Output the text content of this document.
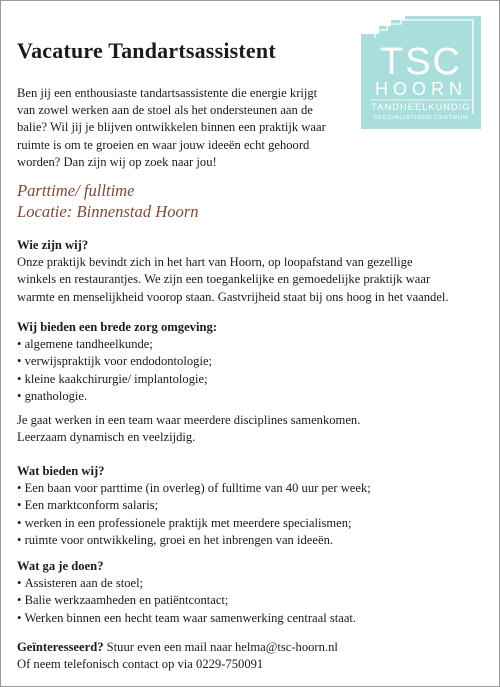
Vacature Tandartsassistent	TSC
HOORN
TANDHEELKUNDIG
SPECIALISTISCH CENTRUM

Ben jij een enthousiaste tandartsassistente die energie krijgt
van zowel werken aan de stoel als het ondersteunen aan de
balie? Wil jij je blijven ontwikkelen binnen een praktijk waar
ruimte is om te groeien en waar jouw ideeën echt gehoord
worden? Dan zijn wij op zoek naar jou!

Parttime/ fulltime

Locatie: Binnenstad Hoorn

Wie zijn wij?
Onze praktijk bevindt zich in het hart van Hoorn, op loopafstand van gezellige
winkels en restaurantjes. We zijn een toegankelijke en gemoedelijke praktijk waar
warmte en menselijkheid voorop staan. Gastvrijheid staat bij ons hoog in het vaandel.
Wij bieden een brede zorg omgeving:
• algemene tandheelkunde;
• verwijspraktijk voor endodontologie;
• kleine kaakchirurgie/ implantologie;
• gnathologie.
Je gaat werken in een team waar meerdere disciplines samenkomen.
Leerzaam dynamisch en veelzijdig.
Wat bieden wij?
• Een baan voor parttime (in overleg) of fulltime van 40 uur per week;
• Een marktconform salaris;
• werken in een professionele praktijk met meerdere specialismen;
• ruimte voor ontwikkeling, groei en het inbrengen van ideeën.
Wat ga je doen?
• Assisteren aan de stoel;
• Balie werkzaamheden en patiëntcontact;
• Werken binnen een hecht team waar samenwerking centraal staat.
Geïnteresseerd? Stuur even een mail naar helma@tsc-hoorn.nl
Of neem telefonisch contact op via 0229-750091
